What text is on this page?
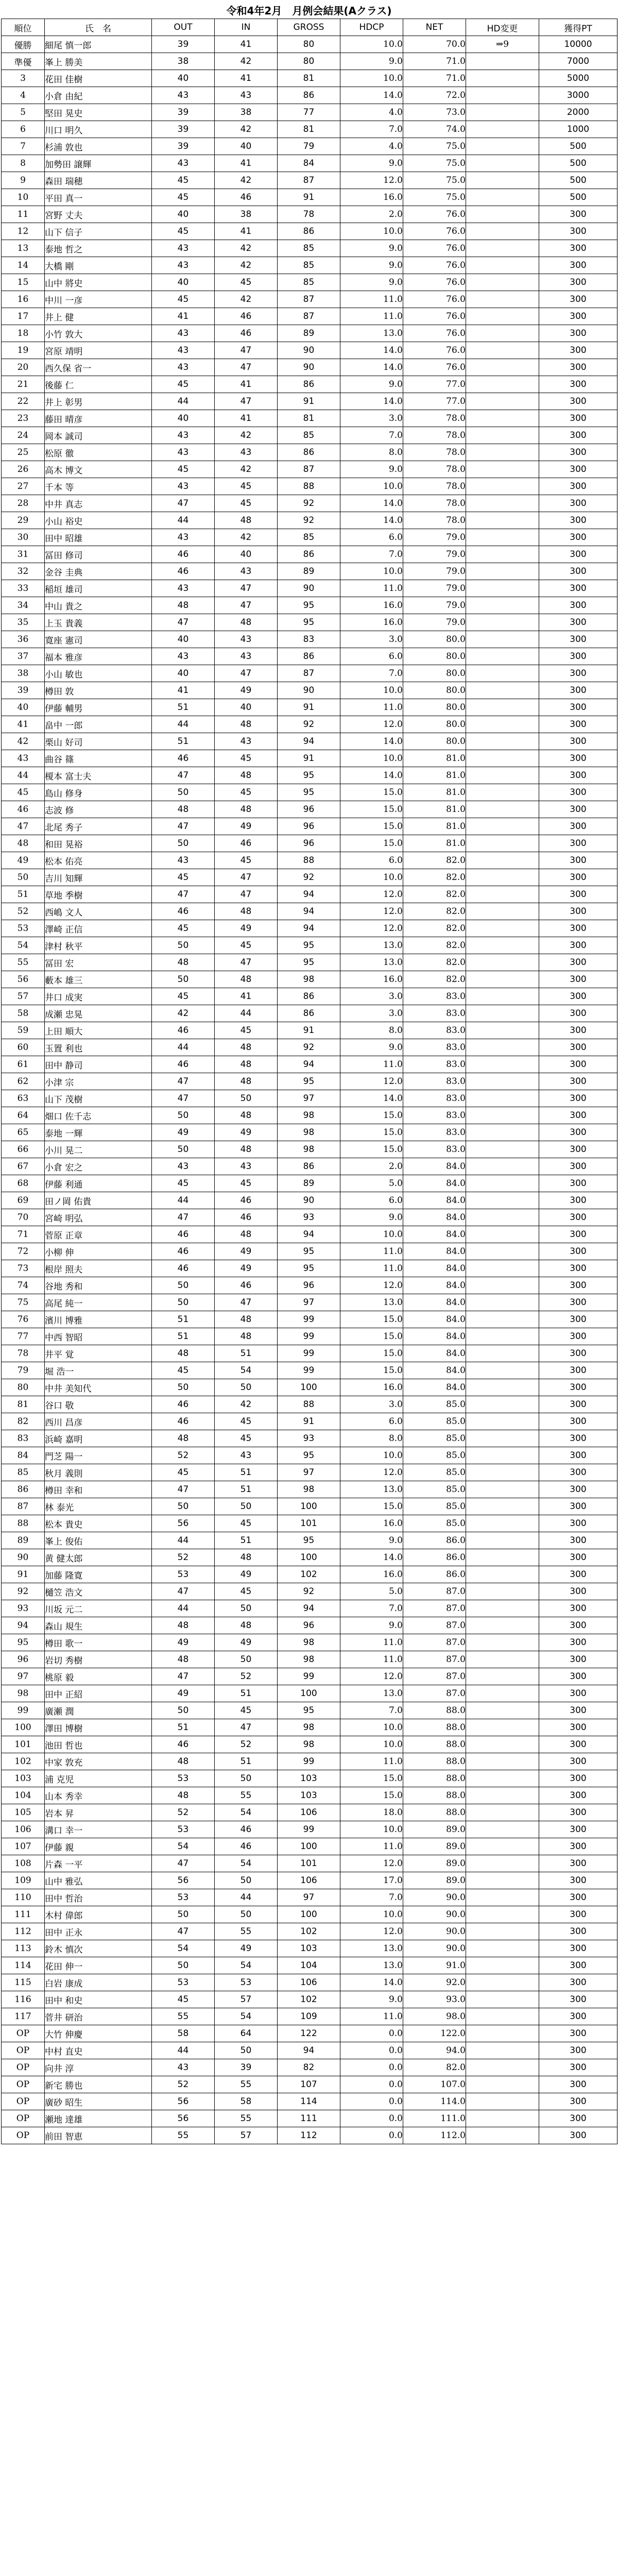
令和4年2月　月例会結果(Aクラス)
順位	氏　名	OUT	IN	GROSS	HDCP	NET	HD変更	獲得PT
優勝	細尾 慎一郎	39	41	80	10.0	70.0	⇒9	10000
準優	峯上 勝美	38	42	80	9.0	71.0		7000
3	花田 佳樹	40	41	81	10.0	71.0		5000
4	小倉 由紀	43	43	86	14.0	72.0		3000
5	堅田 晃史	39	38	77	4.0	73.0		2000
6	川口 明久	39	42	81	7.0	74.0		1000
7	杉浦 敦也	39	40	79	4.0	75.0		500
8	加勢田 譲輝	43	41	84	9.0	75.0		500
9	森田 瑞穂	45	42	87	12.0	75.0		500
10	平田 真一	45	46	91	16.0	75.0		500
11	宮野 丈夫	40	38	78	2.0	76.0		300
12	山下 信子	45	41	86	10.0	76.0		300
13	泰地 哲之	43	42	85	9.0	76.0		300
14	大橋 剛	43	42	85	9.0	76.0		300
15	山中 將史	40	45	85	9.0	76.0		300
16	中川 一彦	45	42	87	11.0	76.0		300
17	井上 健	41	46	87	11.0	76.0		300
18	小竹 敦大	43	46	89	13.0	76.0		300
19	宮原 靖明	43	47	90	14.0	76.0		300
20	西久保 省一	43	47	90	14.0	76.0		300
21	後藤 仁	45	41	86	9.0	77.0		300
22	井上 彰男	44	47	91	14.0	77.0		300
23	藤田 晴彦	40	41	81	3.0	78.0		300
24	岡本 誠司	43	42	85	7.0	78.0		300
25	松原 徹	43	43	86	8.0	78.0		300
26	高木 博文	45	42	87	9.0	78.0		300
27	千本 等	43	45	88	10.0	78.0		300
28	中井 真志	47	45	92	14.0	78.0		300
29	小山 裕史	44	48	92	14.0	78.0		300
30	田中 昭雄	43	42	85	6.0	79.0		300
31	冨田 修司	46	40	86	7.0	79.0		300
32	金谷 圭典	46	43	89	10.0	79.0		300
33	稲垣 雄司	43	47	90	11.0	79.0		300
34	中山 貴之	48	47	95	16.0	79.0		300
35	上玉 貴義	47	48	95	16.0	79.0		300
36	寛座 憲司	40	43	83	3.0	80.0		300
37	福本 雅彦	43	43	86	6.0	80.0		300
38	小山 敏也	40	47	87	7.0	80.0		300
39	樽田 敦	41	49	90	10.0	80.0		300
40	伊藤 輔男	51	40	91	11.0	80.0		300
41	畠中 一郎	44	48	92	12.0	80.0		300
42	栗山 好司	51	43	94	14.0	80.0		300
43	曲谷 篠	46	45	91	10.0	81.0		300
44	榎本 富士夫	47	48	95	14.0	81.0		300
45	島山 修身	50	45	95	15.0	81.0		300
46	志波 修	48	48	96	15.0	81.0		300
47	北尾 秀子	47	49	96	15.0	81.0		300
48	和田 晃裕	50	46	96	15.0	81.0		300
49	松本 佑亮	43	45	88	6.0	82.0		300
50	吉川 知輝	45	47	92	10.0	82.0		300
51	草地 季樹	47	47	94	12.0	82.0		300
52	西嶋 文人	46	48	94	12.0	82.0		300
53	澤崎 正信	45	49	94	12.0	82.0		300
54	津村 秋平	50	45	95	13.0	82.0		300
55	冨田 宏	48	47	95	13.0	82.0		300
56	藪本 雄三	50	48	98	16.0	82.0		300
57	井口 成実	45	41	86	3.0	83.0		300
58	成瀬 忠晃	42	44	86	3.0	83.0		300
59	上田 順大	46	45	91	8.0	83.0		300
60	玉置 利也	44	48	92	9.0	83.0		300
61	田中 静司	46	48	94	11.0	83.0		300
62	小津 宗	47	48	95	12.0	83.0		300
63	山下 茂樹	47	50	97	14.0	83.0		300
64	畑口 佐千志	50	48	98	15.0	83.0		300
65	泰地 一輝	49	49	98	15.0	83.0		300
66	小川 晃二	50	48	98	15.0	83.0		300
67	小倉 宏之	43	43	86	2.0	84.0		300
68	伊藤 利通	45	45	89	5.0	84.0		300
69	田ノ岡 佑貴	44	46	90	6.0	84.0		300
70	宮崎 明弘	47	46	93	9.0	84.0		300
71	菅原 正章	46	48	94	10.0	84.0		300
72	小柳 伸	46	49	95	11.0	84.0		300
73	根岸 照夫	46	49	95	11.0	84.0		300
74	谷地 秀和	50	46	96	12.0	84.0		300
75	高尾 純一	50	47	97	13.0	84.0		300
76	濱川 博雅	51	48	99	15.0	84.0		300
77	中西 智昭	51	48	99	15.0	84.0		300
78	井平 覚	48	51	99	15.0	84.0		300
79	堀 浩一	45	54	99	15.0	84.0		300
80	中井 美知代	50	50	100	16.0	84.0		300
81	谷口 敬	46	42	88	3.0	85.0		300
82	西川 昌彦	46	45	91	6.0	85.0		300
83	浜崎 嘉明	48	45	93	8.0	85.0		300
84	門芝 陽一	52	43	95	10.0	85.0		300
85	秋月 義則	45	51	97	12.0	85.0		300
86	樽田 幸和	47	51	98	13.0	85.0		300
87	林 泰光	50	50	100	15.0	85.0		300
88	松本 貴史	56	45	101	16.0	85.0		300
89	峯上 俊佑	44	51	95	9.0	86.0		300
90	黄 健太郎	52	48	100	14.0	86.0		300
91	加藤 隆寛	53	49	102	16.0	86.0		300
92	樋笠 浩文	47	45	92	5.0	87.0		300
93	川坂 元二	44	50	94	7.0	87.0		300
94	森山 規生	48	48	96	9.0	87.0		300
95	樽田 歌一	49	49	98	11.0	87.0		300
96	岩切 秀樹	48	50	98	11.0	87.0		300
97	桃原 毅	47	52	99	12.0	87.0		300
98	田中 正紹	49	51	100	13.0	87.0		300
99	廣瀬 潤	50	45	95	7.0	88.0		300
100	澤田 博樹	51	47	98	10.0	88.0		300
101	池田 哲也	46	52	98	10.0	88.0		300
102	中家 敦充	48	51	99	11.0	88.0		300
103	浦 克児	53	50	103	15.0	88.0		300
104	山本 秀幸	48	55	103	15.0	88.0		300
105	岩本 昇	52	54	106	18.0	88.0		300
106	溝口 幸一	53	46	99	10.0	89.0		300
107	伊藤 親	54	46	100	11.0	89.0		300
108	片森 一平	47	54	101	12.0	89.0		300
109	山中 雅弘	56	50	106	17.0	89.0		300
110	田中 哲治	53	44	97	7.0	90.0		300
111	木村 偉郎	50	50	100	10.0	90.0		300
112	田中 正永	47	55	102	12.0	90.0		300
113	鈴木 慎次	54	49	103	13.0	90.0		300
114	花田 伸一	50	54	104	13.0	91.0		300
115	白岩 康成	53	53	106	14.0	92.0		300
116	田中 和史	45	57	102	9.0	93.0		300
117	菅井 研治	55	54	109	11.0	98.0		300
OP	大竹 伸慶	58	64	122	0.0	122.0		300
OP	中村 直史	44	50	94	0.0	94.0		300
OP	向井 淳	43	39	82	0.0	82.0		300
OP	新宅 勝也	52	55	107	0.0	107.0		300
OP	廣砂 昭生	56	58	114	0.0	114.0		300
OP	瀬地 達雄	56	55	111	0.0	111.0		300
OP	前田 智恵	55	57	112	0.0	112.0		300
